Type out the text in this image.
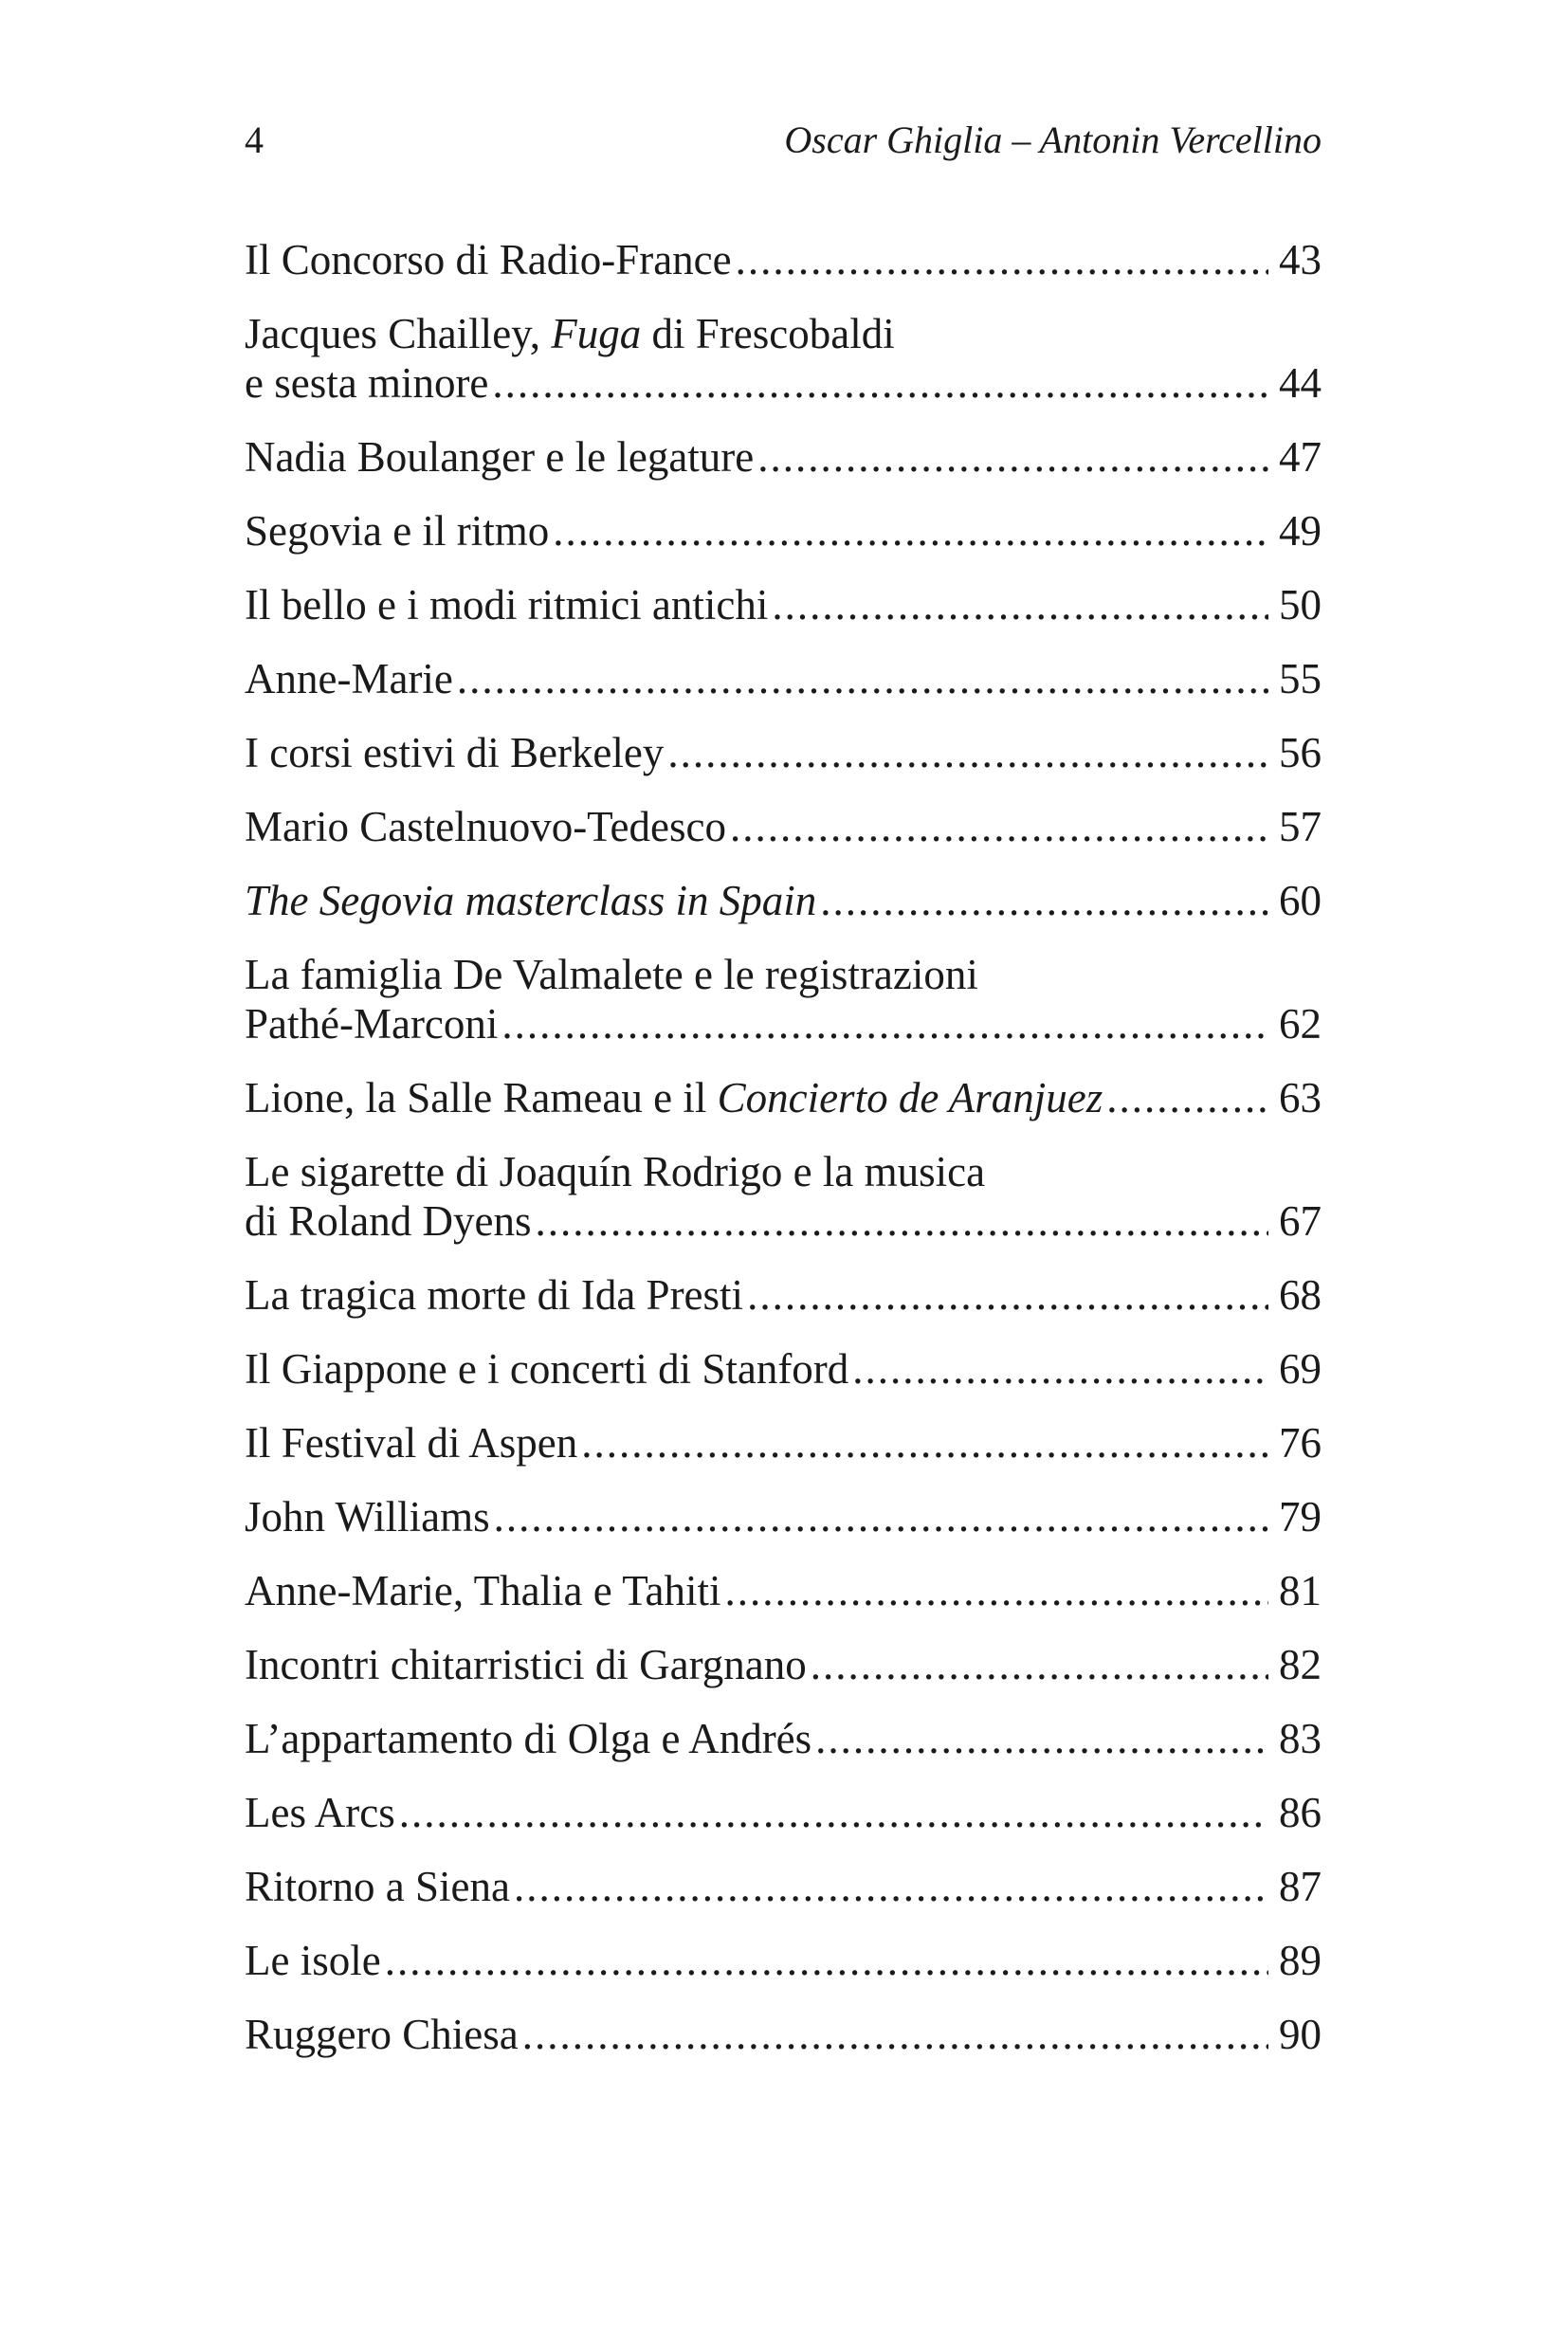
4	Oscar Ghiglia – Antonin Vercellino
Il Concorso di Radio-France .....	43
Jacques Chailley, Fuga di Frescobaldi
e sesta minore .....	44
Nadia Boulanger e le legature .....	47
Segovia e il ritmo .....	49
Il bello e i modi ritmici antichi .....	50
Anne-Marie .....	55
I corsi estivi di Berkeley .....	56
Mario Castelnuovo-Tedesco .....	57
The Segovia masterclass in Spain .....	60
La famiglia De Valmalete e le registrazioni
Pathé-Marconi .....	62
Lione, la Salle Rameau e il Concierto de Aranjuez .....	63
Le sigarette di Joaquín Rodrigo e la musica
di Roland Dyens .....	67
La tragica morte di Ida Presti .....	68
Il Giappone e i concerti di Stanford .....	69
Il Festival di Aspen .....	76
John Williams .....	79
Anne-Marie, Thalia e Tahiti .....	81
Incontri chitarristici di Gargnano .....	82
L’appartamento di Olga e Andrés .....	83
Les Arcs .....	86
Ritorno a Siena .....	87
Le isole .....	89
Ruggero Chiesa .....	90
